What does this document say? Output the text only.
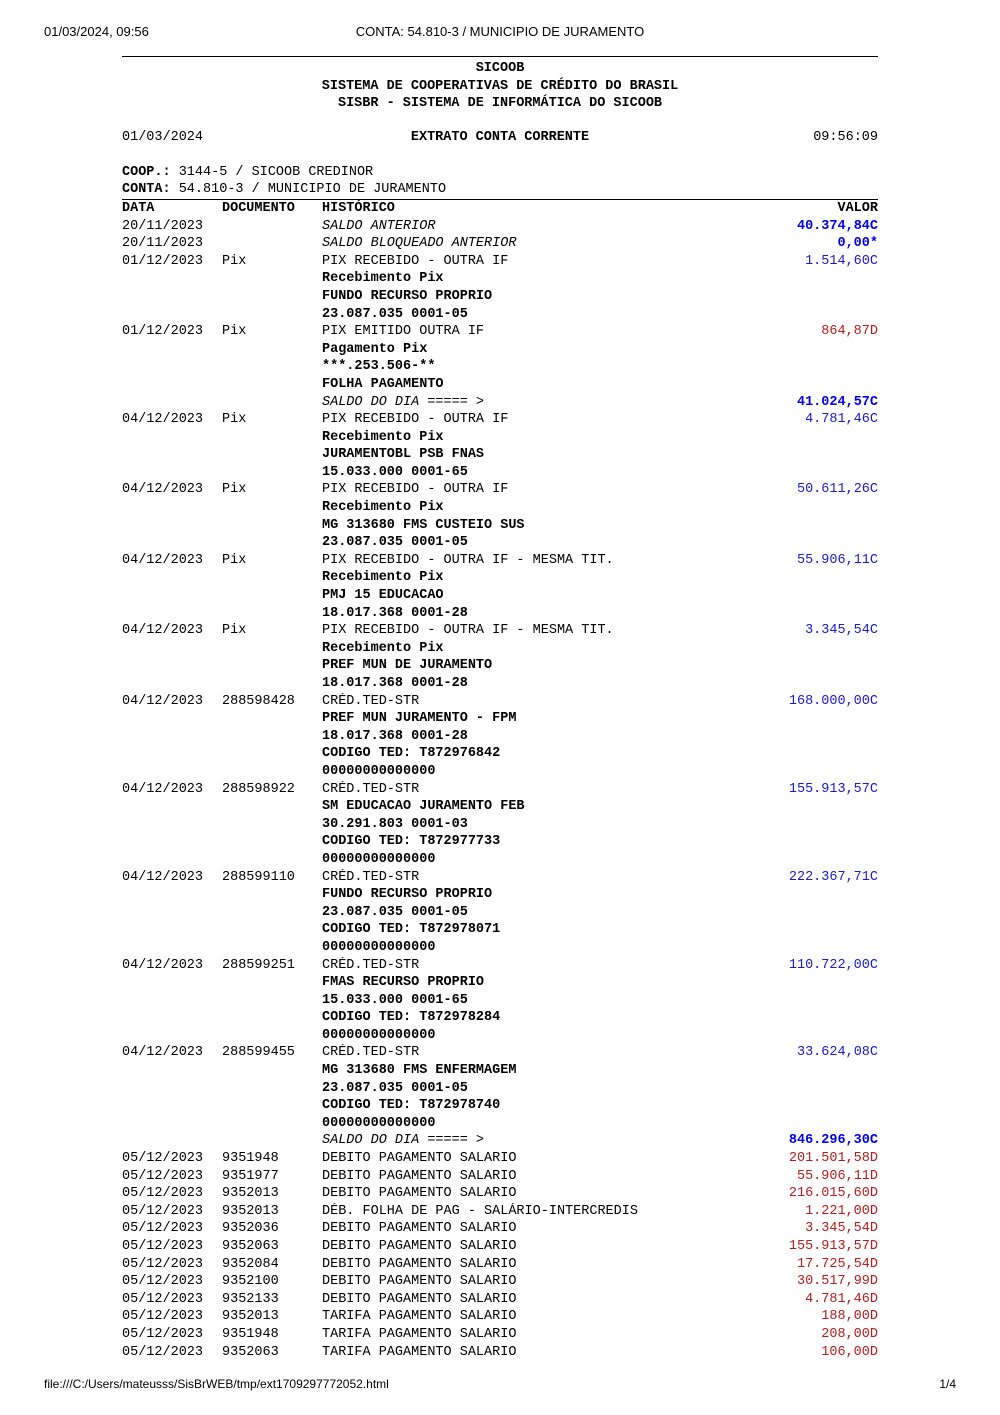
01/03/2024, 09:56	CONTA: 54.810-3 / MUNICIPIO DE JURAMENTO
SICOOB
SISTEMA DE COOPERATIVAS DE CRÉDITO DO BRASIL
SISBR - SISTEMA DE INFORMÁTICA DO SICOOB
01/03/2024	EXTRATO CONTA CORRENTE	09:56:09
COOP.: 3144-5 / SICOOB CREDINOR
CONTA: 54.810-3 / MUNICIPIO DE JURAMENTO
DATA	DOCUMENTO	HISTÓRICO	VALOR
20/11/2023		SALDO ANTERIOR	40.374,84C
20/11/2023		SALDO BLOQUEADO ANTERIOR	0,00*
01/12/2023	Pix	PIX RECEBIDO - OUTRA IF	1.514,60C
		Recebimento Pix	
		FUNDO RECURSO PROPRIO	
		23.087.035 0001-05	
01/12/2023	Pix	PIX EMITIDO OUTRA IF	864,87D
		Pagamento Pix	
		***.253.506-**	
		FOLHA PAGAMENTO	
		SALDO DO DIA ===== >	41.024,57C
04/12/2023	Pix	PIX RECEBIDO - OUTRA IF	4.781,46C
		Recebimento Pix	
		JURAMENTOBL PSB FNAS	
		15.033.000 0001-65	
04/12/2023	Pix	PIX RECEBIDO - OUTRA IF	50.611,26C
		Recebimento Pix	
		MG 313680 FMS CUSTEIO SUS	
		23.087.035 0001-05	
04/12/2023	Pix	PIX RECEBIDO - OUTRA IF - MESMA TIT.	55.906,11C
		Recebimento Pix	
		PMJ 15 EDUCACAO	
		18.017.368 0001-28	
04/12/2023	Pix	PIX RECEBIDO - OUTRA IF - MESMA TIT.	3.345,54C
		Recebimento Pix	
		PREF MUN DE JURAMENTO	
		18.017.368 0001-28	
04/12/2023	288598428	CRÉD.TED-STR	168.000,00C
		PREF MUN JURAMENTO - FPM	
		18.017.368 0001-28	
		CODIGO TED: T872976842	
		00000000000000	
04/12/2023	288598922	CRÉD.TED-STR	155.913,57C
		SM EDUCACAO JURAMENTO FEB	
		30.291.803 0001-03	
		CODIGO TED: T872977733	
		00000000000000	
04/12/2023	288599110	CRÉD.TED-STR	222.367,71C
		FUNDO RECURSO PROPRIO	
		23.087.035 0001-05	
		CODIGO TED: T872978071	
		00000000000000	
04/12/2023	288599251	CRÉD.TED-STR	110.722,00C
		FMAS RECURSO PROPRIO	
		15.033.000 0001-65	
		CODIGO TED: T872978284	
		00000000000000	
04/12/2023	288599455	CRÉD.TED-STR	33.624,08C
		MG 313680 FMS ENFERMAGEM	
		23.087.035 0001-05	
		CODIGO TED: T872978740	
		00000000000000	
		SALDO DO DIA ===== >	846.296,30C
05/12/2023	9351948	DEBITO PAGAMENTO SALARIO	201.501,58D
05/12/2023	9351977	DEBITO PAGAMENTO SALARIO	55.906,11D
05/12/2023	9352013	DEBITO PAGAMENTO SALARIO	216.015,60D
05/12/2023	9352013	DÉB. FOLHA DE PAG - SALÁRIO-INTERCREDIS	1.221,00D
05/12/2023	9352036	DEBITO PAGAMENTO SALARIO	3.345,54D
05/12/2023	9352063	DEBITO PAGAMENTO SALARIO	155.913,57D
05/12/2023	9352084	DEBITO PAGAMENTO SALARIO	17.725,54D
05/12/2023	9352100	DEBITO PAGAMENTO SALARIO	30.517,99D
05/12/2023	9352133	DEBITO PAGAMENTO SALARIO	4.781,46D
05/12/2023	9352013	TARIFA PAGAMENTO SALARIO	188,00D
05/12/2023	9351948	TARIFA PAGAMENTO SALARIO	208,00D
05/12/2023	9352063	TARIFA PAGAMENTO SALARIO	106,00D
file:///C:/Users/mateusss/SisBrWEB/tmp/ext1709297772052.html	1/4
